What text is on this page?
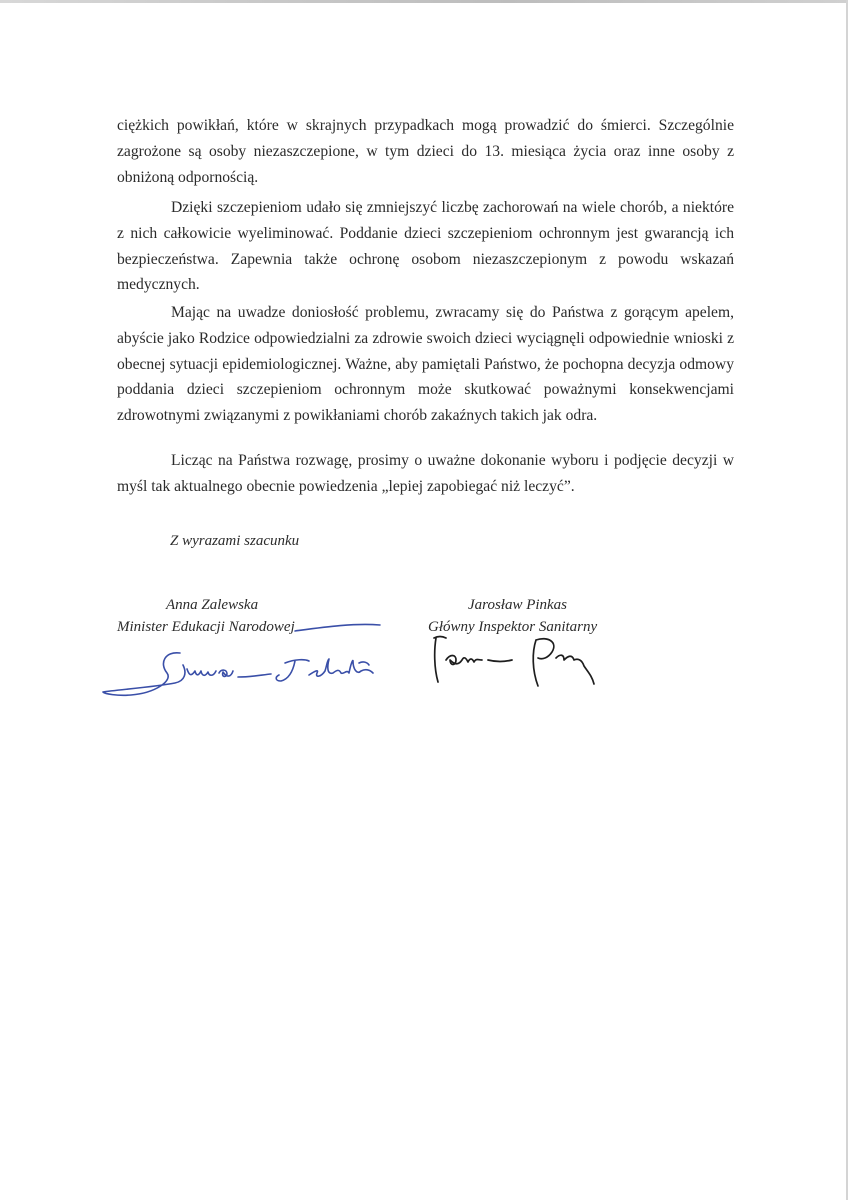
ciężkich powikłań, które w skrajnych przypadkach mogą prowadzić do śmierci. Szczególnie zagrożone są osoby niezaszczepione, w tym dzieci do 13. miesiąca życia oraz inne osoby z obniżoną odpornością.

Dzięki szczepieniom udało się zmniejszyć liczbę zachorowań na wiele chorób, a niektóre z nich całkowicie wyeliminować. Poddanie dzieci szczepieniom ochronnym jest gwarancją ich bezpieczeństwa. Zapewnia także ochronę osobom niezaszczepionym z powodu wskazań medycznych.

Mając na uwadze doniosłość problemu, zwracamy się do Państwa z gorącym apelem, abyście jako Rodzice odpowiedzialni za zdrowie swoich dzieci wyciągnęli odpowiednie wnioski z obecnej sytuacji epidemiologicznej. Ważne, aby pamiętali Państwo, że pochopna decyzja odmowy poddania dzieci szczepieniom ochronnym może skutkować poważnymi konsekwencjami zdrowotnymi związanymi z powikłaniami chorób zakaźnych takich jak odra.

Licząc na Państwa rozwagę, prosimy o uważne dokonanie wyboru i podjęcie decyzji w myśl tak aktualnego obecnie powiedzenia „lepiej zapobiegać niż leczyć”.

Z wyrazami szacunku
Anna Zalewska
Minister Edukacji Narodowej
Jarosław Pinkas
Główny Inspektor Sanitarny
